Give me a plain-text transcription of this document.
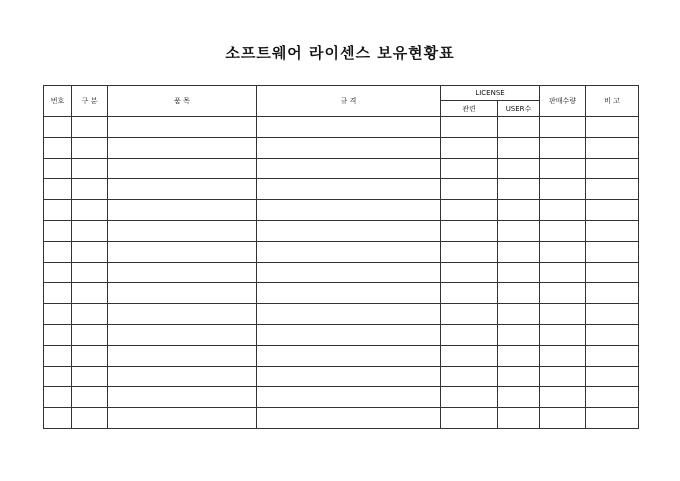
소프트웨어 라이센스 보유현황표
번호	구 분	품 목	규 격	LICENSE		판매수량	비 고
				관련	USER수		
